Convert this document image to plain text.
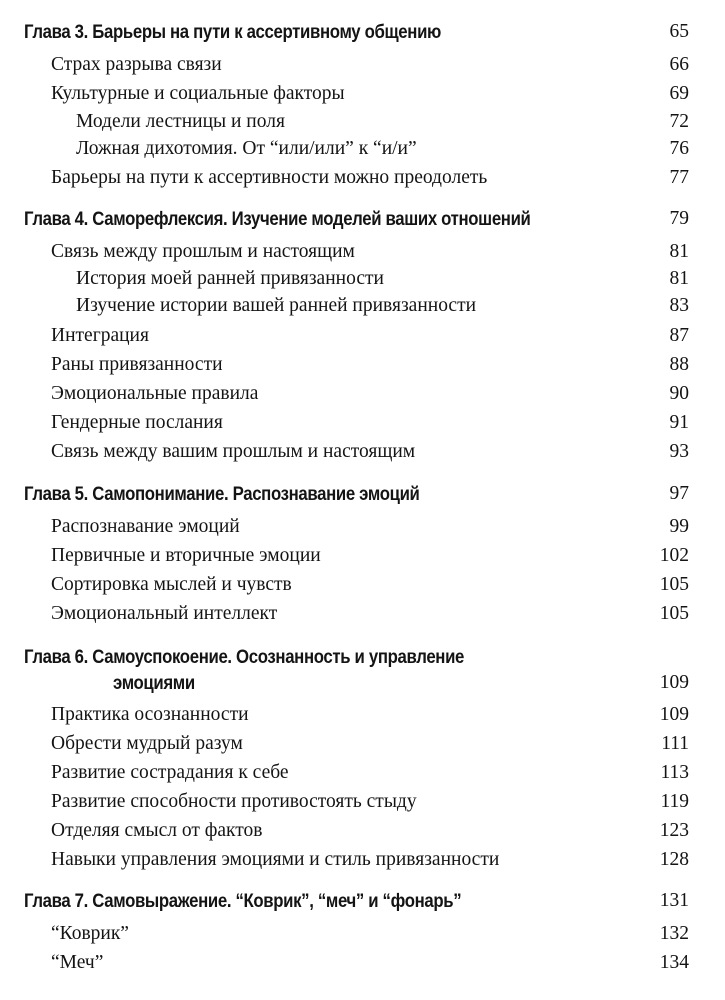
Глава 3. Барьеры на пути к ассертивному общению	65
Страх разрыва связи	66
Культурные и социальные факторы	69
Модели лестницы и поля	72
Ложная дихотомия. От “или/или” к “и/и”	76
Барьеры на пути к ассертивности можно преодолеть	77
Глава 4. Саморефлексия. Изучение моделей ваших отношений	79
Связь между прошлым и настоящим	81
История моей ранней привязанности	81
Изучение истории вашей ранней привязанности	83
Интеграция	87
Раны привязанности	88
Эмоциональные правила	90
Гендерные послания	91
Связь между вашим прошлым и настоящим	93
Глава 5. Самопонимание. Распознавание эмоций	97
Распознавание эмоций	99
Первичные и вторичные эмоции	102
Сортировка мыслей и чувств	105
Эмоциональный интеллект	105
Глава 6. Самоуспокоение. Осознанность и управление
эмоциями	109
Практика осознанности	109
Обрести мудрый разум	111
Развитие сострадания к себе	113
Развитие способности противостоять стыду	119
Отделяя смысл от фактов	123
Навыки управления эмоциями и стиль привязанности	128
Глава 7. Самовыражение. “Коврик”, “меч” и “фонарь”	131
“Коврик”	132
“Меч”	134
